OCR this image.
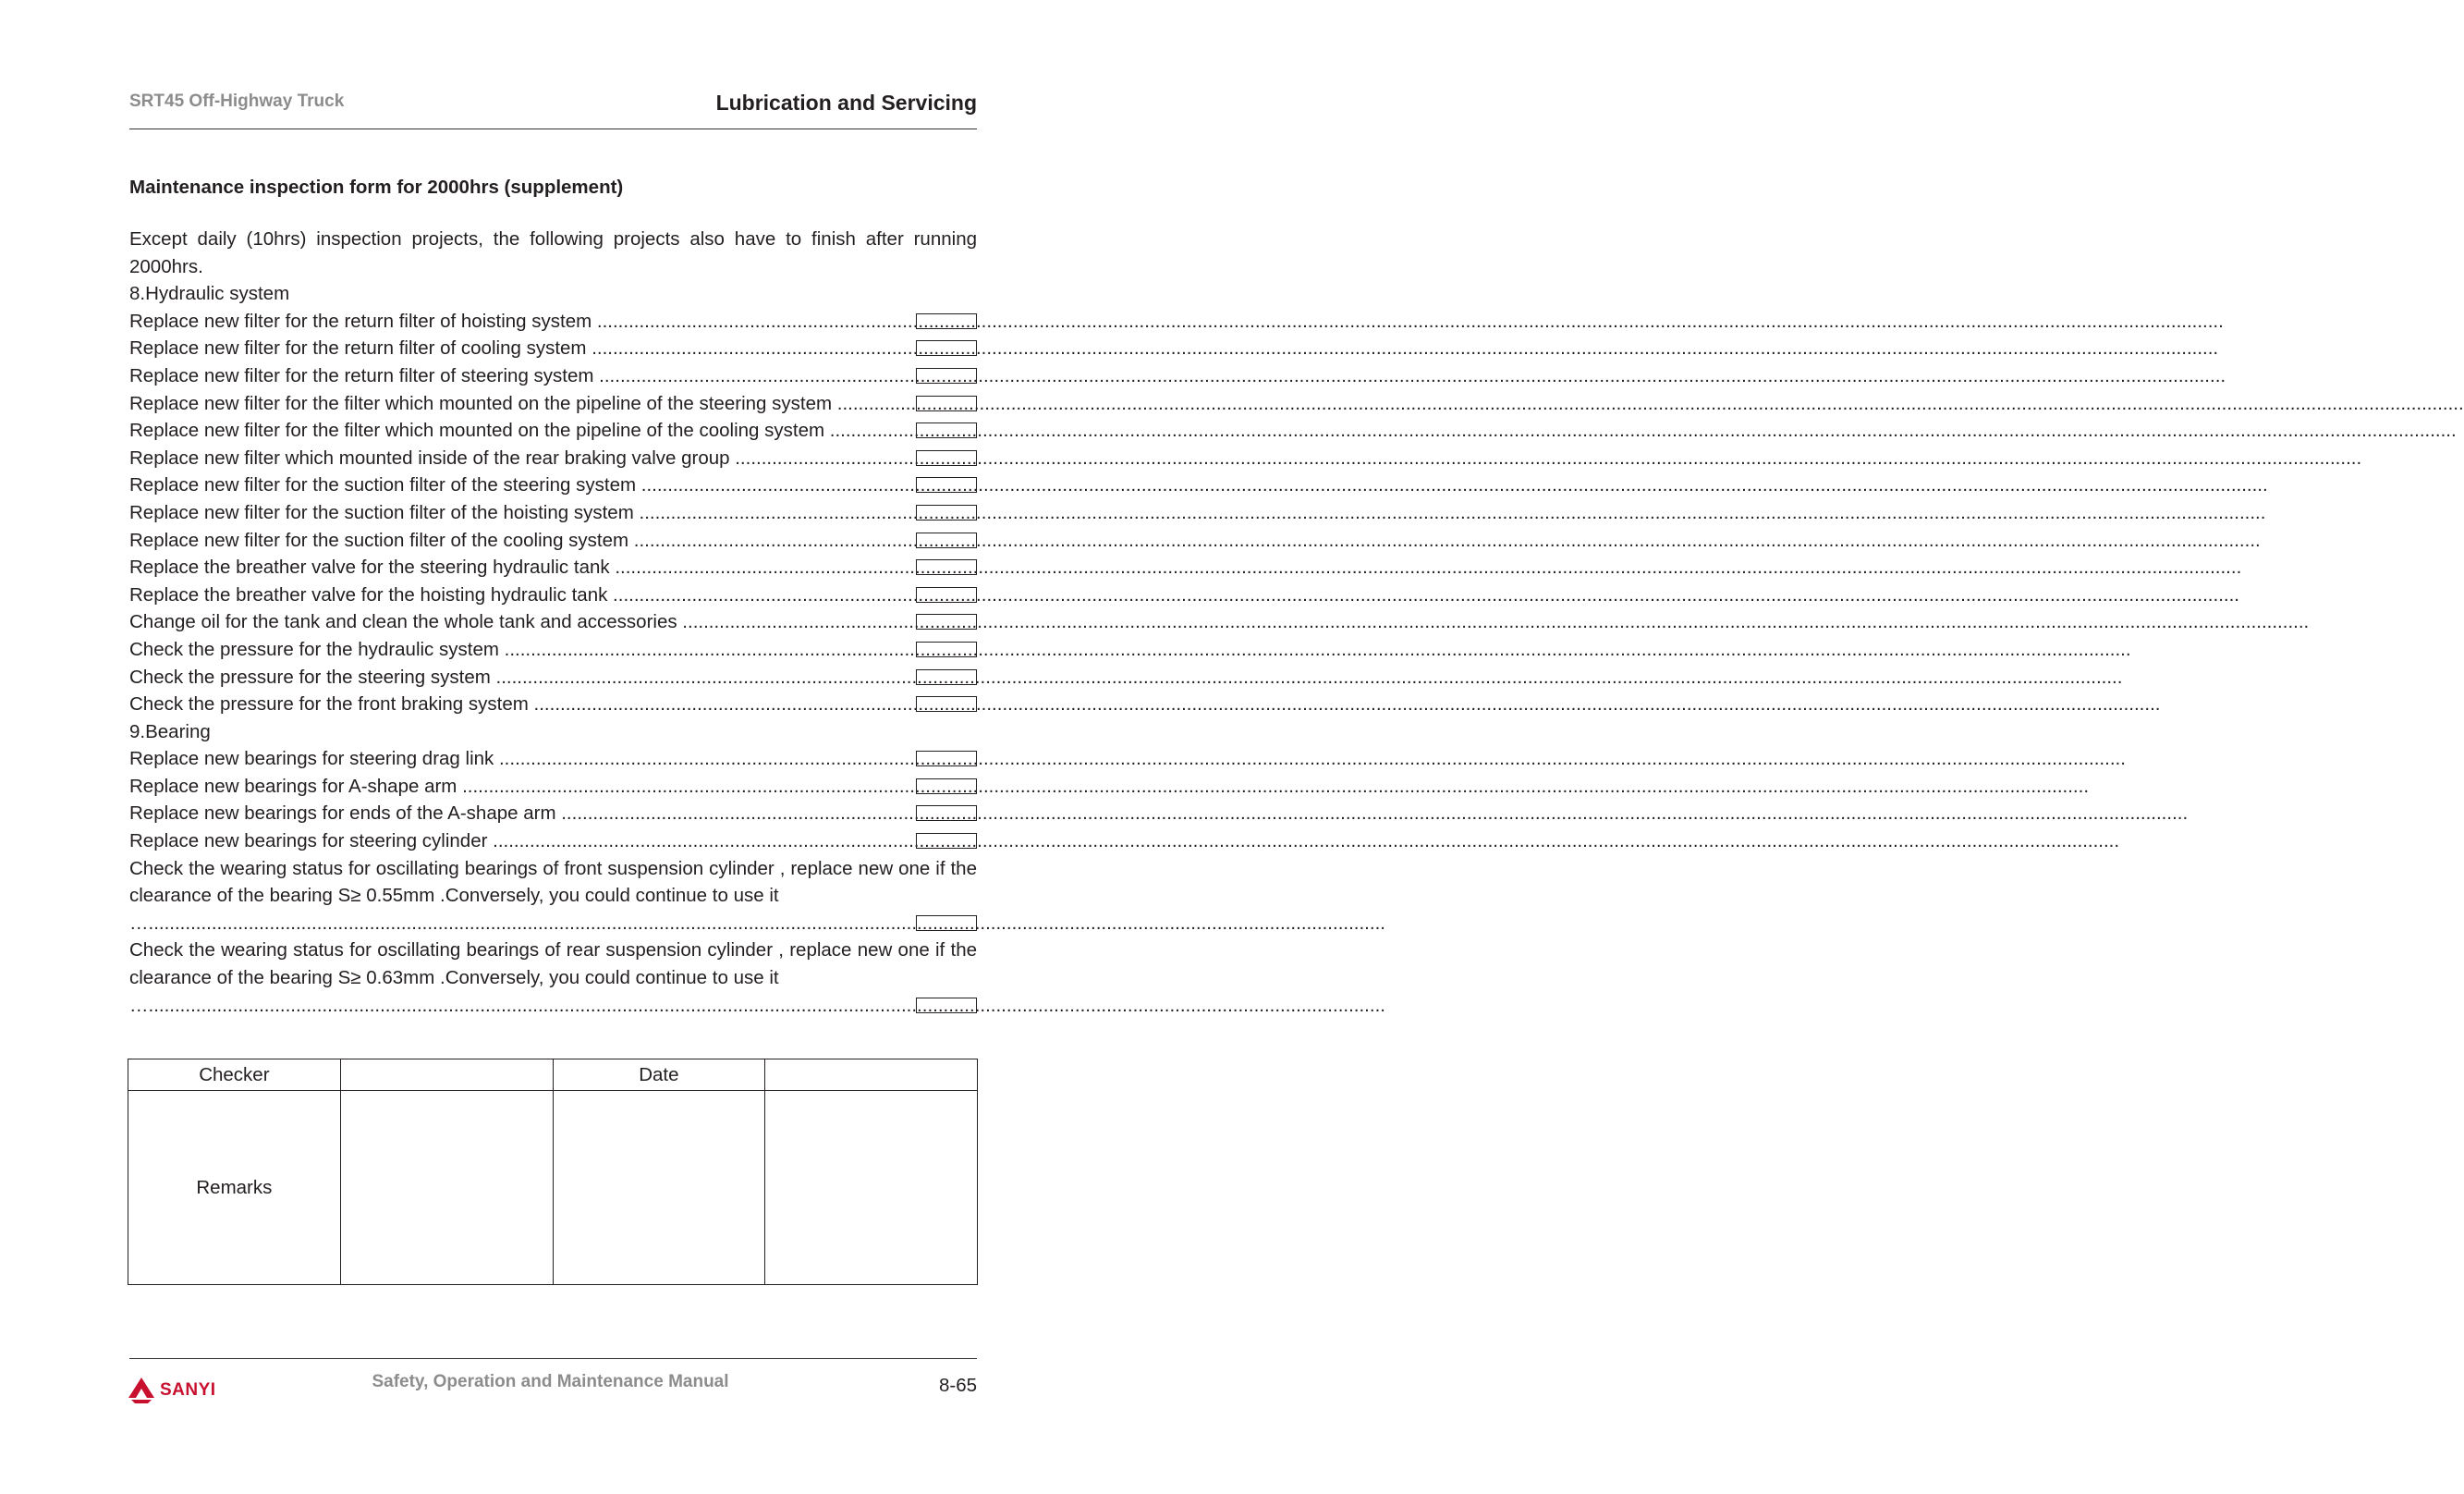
SRT45 Off-Highway Truck	Lubrication and Servicing
Maintenance inspection form for 2000hrs (supplement)
Except daily (10hrs) inspection projects, the following projects also have to finish after running 2000hrs.
8.Hydraulic system
Replace new filter for the return filter of hoisting system .....
Replace new filter for the return filter of cooling system .....
Replace new filter for the return filter of steering system .....
Replace new filter for the filter which mounted on the pipeline of the steering system .....
Replace new filter for the filter which mounted on the pipeline of the cooling system .....
Replace new filter which mounted inside of the rear braking valve group .....
Replace new filter for the suction filter of the steering system .....
Replace new filter for the suction filter of the hoisting system .....
Replace new filter for the suction filter of the cooling system .....
Replace the breather valve for the steering hydraulic tank .....
Replace the breather valve for the hoisting hydraulic tank .....
Change oil for the tank and clean the whole tank and accessories .....
Check the pressure for the hydraulic system .....
Check the pressure for the steering system .....
Check the pressure for the front braking system .....
9.Bearing
Replace new bearings for steering drag link .....
Replace new bearings for A-shape arm .....
Replace new bearings for ends of the A-shape arm .....
Replace new bearings for steering cylinder .....
Check the wearing status for oscillating bearings of front suspension cylinder , replace new one if the clearance of the bearing S≥ 0.55mm .Conversely, you could continue to use it
…...........................................................................................................................................................................................................................................
Check the wearing status for oscillating bearings of rear suspension cylinder , replace new one if the clearance of the bearing S≥ 0.63mm .Conversely, you could continue to use it
…...........................................................................................................................................................................................................................................
Checker		Date	
Remarks			
SANYI	Safety, Operation and Maintenance Manual	8-65
